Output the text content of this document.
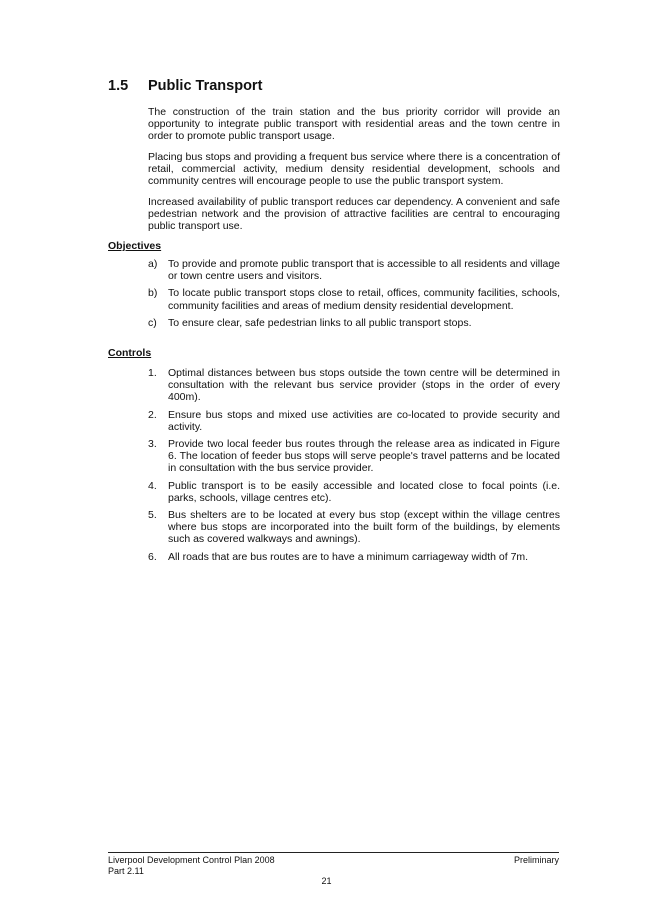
1.5	Public Transport

The construction of the train station and the bus priority corridor will provide an opportunity to integrate public transport with residential areas and the town centre in order to promote public transport usage.

Placing bus stops and providing a frequent bus service where there is a concentration of retail, commercial activity, medium density residential development, schools and community centres will encourage people to use the public transport system.

Increased availability of public transport reduces car dependency. A convenient and safe pedestrian network and the provision of attractive facilities are central to encouraging public transport use.

Objectives
a)	To provide and promote public transport that is accessible to all residents and village or town centre users and visitors.
b)	To locate public transport stops close to retail, offices, community facilities, schools, community facilities and areas of medium density residential development.
c)	To ensure clear, safe pedestrian links to all public transport stops.
Controls
1.	Optimal distances between bus stops outside the town centre will be determined in consultation with the relevant bus service provider (stops in the order of every 400m).
2.	Ensure bus stops and mixed use activities are co-located to provide security and activity.
3.	Provide two local feeder bus routes through the release area as indicated in Figure 6. The location of feeder bus stops will serve people's travel patterns and be located in consultation with the bus service provider.
4.	Public transport is to be easily accessible and located close to focal points (i.e. parks, schools, village centres etc).
5.	Bus shelters are to be located at every bus stop (except within the village centres where bus stops are incorporated into the built form of the buildings, by elements such as covered walkways and awnings).
6.	All roads that are bus routes are to have a minimum carriageway width of 7m.
Liverpool Development Control Plan 2008	Preliminary
Part 2.11
21
